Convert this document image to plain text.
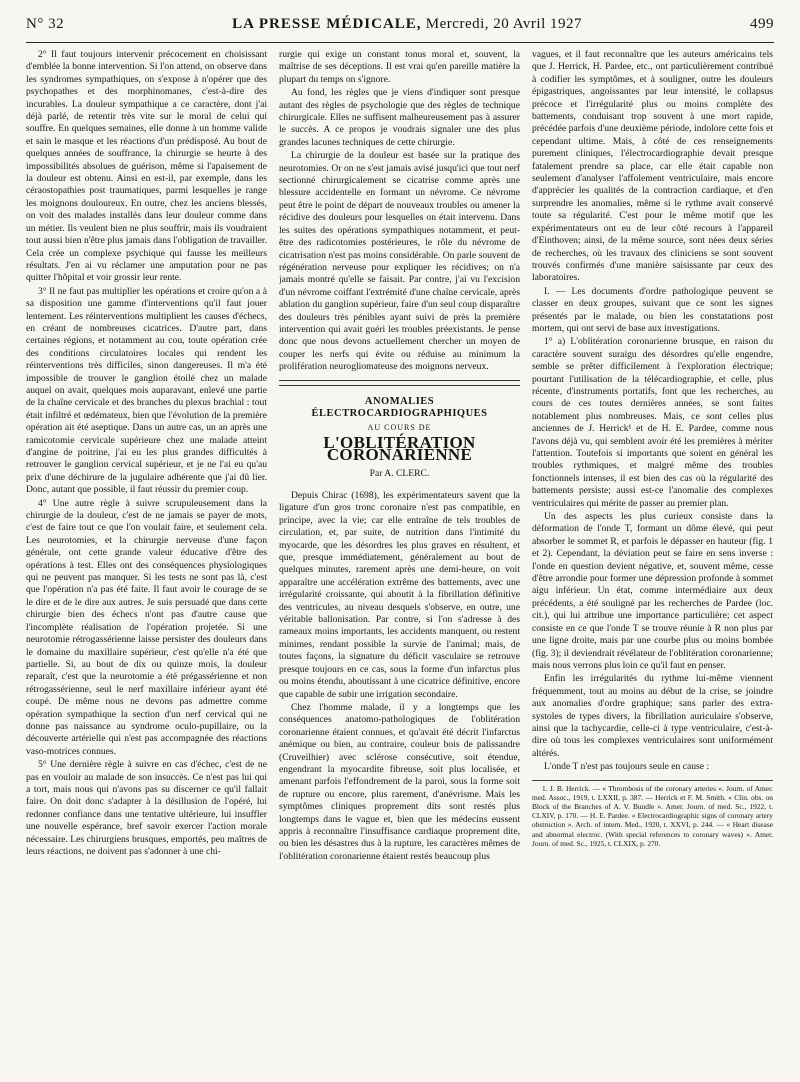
N° 32	LA PRESSE MÉDICALE, Mercredi, 20 Avril 1927	499

2° Il faut toujours intervenir précocement en choisissant d'emblée la bonne intervention. Si l'on attend, on observe dans les syndromes sympathiques, on s'expose à n'opérer que des psychopathes et des morphinomanes, c'est-à-dire des incurables. La douleur sympathique a ce caractère, dont j'ai déjà parlé, de retentir très vite sur le moral de celui qui souffre. En quelques semaines, elle donne à un homme valide et sain le masque et les réactions d'un prédisposé. Au bout de quelques années de souffrance, la chirurgie se heurte à des impossibilités absolues de guérison, même si l'apaisement de la douleur est obtenu. Ainsi en est-il, par exemple, dans les céraostopathies post traumatiques, parmi lesquelles je range les moignons douloureux. En outre, chez les anciens blessés, on voit des malades installés dans leur douleur comme dans un métier. Ils veulent bien ne plus souffrir, mais ils voudraient tout aussi bien n'être plus jamais dans l'obligation de travailler. Cela crée un complexe psychique qui fausse les meilleurs résultats. J'en ai vu réclamer une amputation pour ne pas quitter l'hôpital et voir grossir leur rente.

3° Il ne faut pas multiplier les opérations et croire qu'on a à sa disposition une gamme d'interventions qu'il faut jouer lentement. Les réinterventions multiplient les causes d'échecs, en créant de nombreuses cicatrices. D'autre part, dans certaines régions, et notamment au cou, toute opération crée des conditions circulatoires locales qui rendent les réinterventions très difficiles, sinon dangereuses. Il m'a été impossible de trouver le ganglion étoilé chez un malade auquel on avait, quelques mois auparavant, enlevé une partie de la chaîne cervicale et des branches du plexus brachial : tout était infiltré et œdémateux, bien que l'évolution de la première opération ait été aseptique. Dans un autre cas, un an après une ramicotomie cervicale supérieure chez une malade atteint d'angine de poitrine, j'ai eu les plus grandes difficultés à retrouver le ganglion cervical supérieur, et je ne l'ai eu qu'au prix d'une déchirure de la jugulaire adhérente que j'ai dû lier. Donc, autant que possible, il faut réussir du premier coup.

4° Une autre règle à suivre scrupuleusement dans la chirurgie de la douleur, c'est de ne jamais se payer de mots, c'est de faire tout ce que l'on voulait faire, et seulement cela. Les neurotomies, et la chirurgie nerveuse d'une façon générale, ont cette grande valeur éducative d'être des opérations à test. Elles ont des conséquences physiologiques qui ne peuvent pas manquer. Si les tests ne sont pas là, c'est que l'opération n'a pas été faite. Il faut avoir le courage de se le dire et de le dire aux autres. Je suis persuadé que dans cette chirurgie bien des échecs n'ont pas d'autre cause que l'incomplète réalisation de l'opération projetée. Si une neurotomie rétrogassérienne laisse persister des douleurs dans le domaine du maxillaire supérieur, c'est qu'elle n'a été que partielle. Si, au bout de dix ou quinze mois, la douleur reparaît, c'est que la neurotomie a été prégassérienne et non rétrogassérienne, seul le nerf maxillaire inférieur ayant été coupé. De même nous ne devons pas admettre comme opération sympathique la section d'un nerf cervical qui ne donne pas naissance au syndrome oculo-pupillaire, ou la découverte artérielle qui n'est pas accompagnée des réactions vaso-motrices connues.

5° Une dernière règle à suivre en cas d'échec, c'est de ne pas en vouloir au malade de son insuccès. Ce n'est pas lui qui a tort, mais nous qui n'avons pas su discerner ce qu'il fallait faire. On doit donc s'adapter à la désillusion de l'opéré, lui redonner confiance dans une tentative ultérieure, lui insuffler une nouvelle espérance, bref savoir exercer l'action morale nécessaire. Les chirurgiens brusques, emportés, peu maîtres de leurs réactions, ne doivent pas s'adonner à une chi-

rurgie qui exige un constant tonus moral et, souvent, la maîtrise de ses déceptions. Il est vrai qu'en pareille matière la plupart du temps on s'ignore.

Au fond, les règles que je viens d'indiquer sont presque autant des règles de psychologie que des règles de technique chirurgicale. Elles ne suffisent malheureusement pas à assurer le succès. A ce propos je voudrais signaler une des plus grandes lacunes techniques de cette chirurgie.

La chirurgie de la douleur est basée sur la pratique des neurotomies. Or on ne s'est jamais avisé jusqu'ici que tout nerf sectionné chirurgicalement se cicatrise comme après une blessure accidentelle en formant un névrome. Ce névrome peut être le point de départ de nouveaux troubles ou amener la récidive des douleurs pour lesquelles on était intervenu. Dans les suites des opérations sympathiques notamment, et peut-être des radicotomies postérieures, le rôle du névrome de cicatrisation n'est pas moins considérable. On parle souvent de régénération nerveuse pour expliquer les récidives; on n'a jamais montré qu'elle se faisait. Par contre, j'ai vu l'excision d'un névrome coiffant l'extrémité d'une chaîne cervicale, après ablation du ganglion supérieur, faire d'un seul coup disparaître des douleurs très pénibles ayant suivi de près la première intervention qui avait guéri les troubles préexistants. Je pense donc que nous devons actuellement chercher un moyen de couper les nerfs qui évite ou réduise au minimum la prolifération neurogliomateuse des moignons nerveux.

ANOMALIES ÉLECTROCARDIOGRAPHIQUES
AU COURS DE
L'OBLITÉRATION CORONARIENNE
Par A. CLERC.

Depuis Chirac (1698), les expérimentateurs savent que la ligature d'un gros tronc coronaire n'est pas compatible, en principe, avec la vie; car elle entraîne de tels troubles de circulation, et, par suite, de nutrition dans l'intimité du myocarde, que les désordres les plus graves en résultent, et que, presque immédiatement, généralement au bout de quelques minutes, rarement après une demi-heure, on voit apparaître une accélération extrême des battements, avec une irrégularité croissante, qui aboutit à la fibrillation définitive des ventricules, au niveau desquels s'observe, en outre, une véritable ballonisation. Par contre, si l'on s'adresse à des rameaux moins importants, les accidents manquent, ou restent minimes, rendant possible la survie de l'animal; mais, de toutes façons, la signature du déficit vasculaire se retrouve presque toujours en ce cas, sous la forme d'un infarctus plus ou moins étendu, aboutissant à une cicatrice définitive, encore que capable de subir une irrigation secondaire.

Chez l'homme malade, il y a longtemps que les conséquences anatomo-pathologiques de l'oblitération coronarienne étaient connues, et qu'avait été décrit l'infarctus anémique ou bien, au contraire, couleur bois de palissandre (Cruveilhier) avec sclérose consécutive, soit étendue, engendrant la myocardite fibreuse, soit plus localisée, et amenant parfois l'effondrement de la paroi, sous la forme soit de rupture ou encore, plus rarement, d'anévrisme. Mais les symptômes cliniques proprement dits sont restés plus longtemps dans le vague et, bien que les médecins eussent appris à reconnaître l'insuffisance cardiaque proprement dite, ou bien les désastres dus à la rupture, les caractères mêmes de l'oblitération coronarienne étaient restés beaucoup plus

vagues, et il faut reconnaître que les auteurs américains tels que J. Herrick, H. Pardee, etc., ont particulièrement contribué à codifier les symptômes, et à souligner, outre les douleurs épigastriques, angoissantes par leur intensité, le collapsus précoce et l'irrégularité plus ou moins complète des battements, conduisant trop souvent à une mort rapide, précédée parfois d'une deuxième période, indolore cette fois et cependant ultime. Mais, à côté de ces renseignements purement cliniques, l'électrocardiographie devait presque fatalement prendre sa place, car elle était capable non seulement d'analyser l'affolement ventriculaire, mais encore d'apprécier les qualités de la contraction cardiaque, et d'en surprendre les anomalies, même si le rythme avait conservé toute sa régularité. C'est pour le même motif que les expérimentateurs ont eu de leur côté recours à l'appareil d'Einthoven; ainsi, de la même source, sont nées deux séries de recherches, où les travaux des cliniciens se sont souvent trouvés confirmés d'une manière saisissante par ceux des laboratoires.

I. — Les documents d'ordre pathologique peuvent se classer en deux groupes, suivant que ce sont les signes présentés par le malade, ou bien les constatations post mortem, qui ont servi de base aux investigations.

1° a) L'oblitération coronarienne brusque, en raison du caractère souvent suraigu des désordres qu'elle engendre, semble se prêter difficilement à l'exploration électrique; pourtant l'utilisation de la télécardiographie, et celle, plus récente, d'instruments portatifs, font que les recherches, au cours de ces toutes dernières années, se sont faites notablement plus nombreuses. Mais, ce sont celles plus anciennes de J. Herrick¹ et de H. E. Pardee, comme nous l'avons déjà vu, qui semblent avoir été les premières à mériter l'attention. Toutefois si importants que soient en général les troubles rythmiques, et malgré même des troubles fonctionnels intenses, il est bien des cas où la régularité des battements persiste; aussi est-ce l'anomalie des complexes ventriculaires qui mérite de passer au premier plan.

Un des aspects les plus curieux consiste dans la déformation de l'onde T, formant un dôme élevé, qui peut absorber le sommet R, et parfois le dépasser en hauteur (fig. 1 et 2). Cependant, la déviation peut se faire en sens inverse : l'onde en question devient négative, et, souvent même, cesse d'être arrondie pour former une dépression profonde à sommet aigu inférieur. Un état, comme intermédiaire aux deux précédents, a été souligné par les recherches de Pardee (loc. cit.), qui lui attribue une importance particulière; cet aspect consiste en ce que l'onde T se trouve réunie à R non plus par une ligne droite, mais par une courbe plus ou moins bombée (fig. 3); il deviendrait révélateur de l'oblitération coronarienne; mais nous verrons plus loin ce qu'il faut en penser.

Enfin les irrégularités du rythme lui-même viennent fréquemment, tout au moins au début de la crise, se joindre aux anomalies d'ordre graphique; sans parler des extra-systoles de types divers, la fibrillation auriculaire s'observe, ainsi que la tachycardie, celle-ci à type ventriculaire, c'est-à-dire où tous les complexes ventriculaires sont uniformément altérés.

L'onde T n'est pas toujours seule en cause :

1. J. B. Herrick. — « Thrombosis of the coronary arteries ». Journ. of Amer. med. Assoc., 1919, t. LXXII, p. 387. — Herrick et F. M. Smith. « Clin. obs. on Block of the Branches of A. V. Bundle ». Amer. Journ. of med. Sc., 1922, t. CLXIV, p. 170. — H. E. Pardee. « Electrocardiographic signs of coronary artery obstruction ». Arch. of intern. Med., 1920, t. XXVI, p. 244. — « Heart disease and abnormal electroc. (With special references to coronary waves) ». Amer. Journ. of med. Sc., 1925, t. CLXIX, p. 270.
